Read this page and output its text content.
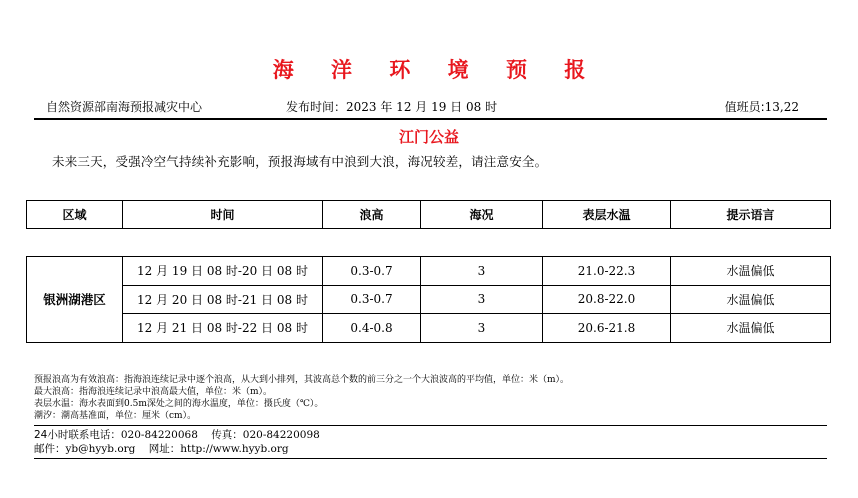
海 洋 环 境 预 报
自然资源部南海预报减灾中心	发布时间：2023 年 12 月 19 日 08 时	值班员:13,22
江门公益
未来三天，受强冷空气持续补充影响，预报海域有中浪到大浪，海况较差，请注意安全。
区域	时间	浪高	海况	表层水温	提示语言
银洲湖港区	12 月 19 日 08 时-20 日 08 时	0.3-0.7	3	21.0-22.3	水温偏低
	12 月 20 日 08 时-21 日 08 时	0.3-0.7	3	20.8-22.0	水温偏低
	12 月 21 日 08 时-22 日 08 时	0.4-0.8	3	20.6-21.8	水温偏低
预报浪高为有效浪高：指海浪连续记录中逐个浪高，从大到小排列，其波高总个数的前三分之一个大浪波高的平均值，单位：米（m）。
最大浪高：指海浪连续记录中浪高最大值，单位：米（m）。
表层水温：海水表面到0.5m深处之间的海水温度，单位：摄氏度（℃）。
潮汐：潮高基准面，单位：厘米（cm）。
24小时联系电话：020-84220068 传真：020-84220098
邮件：yb@hyyb.org 网址：http://www.hyyb.org
